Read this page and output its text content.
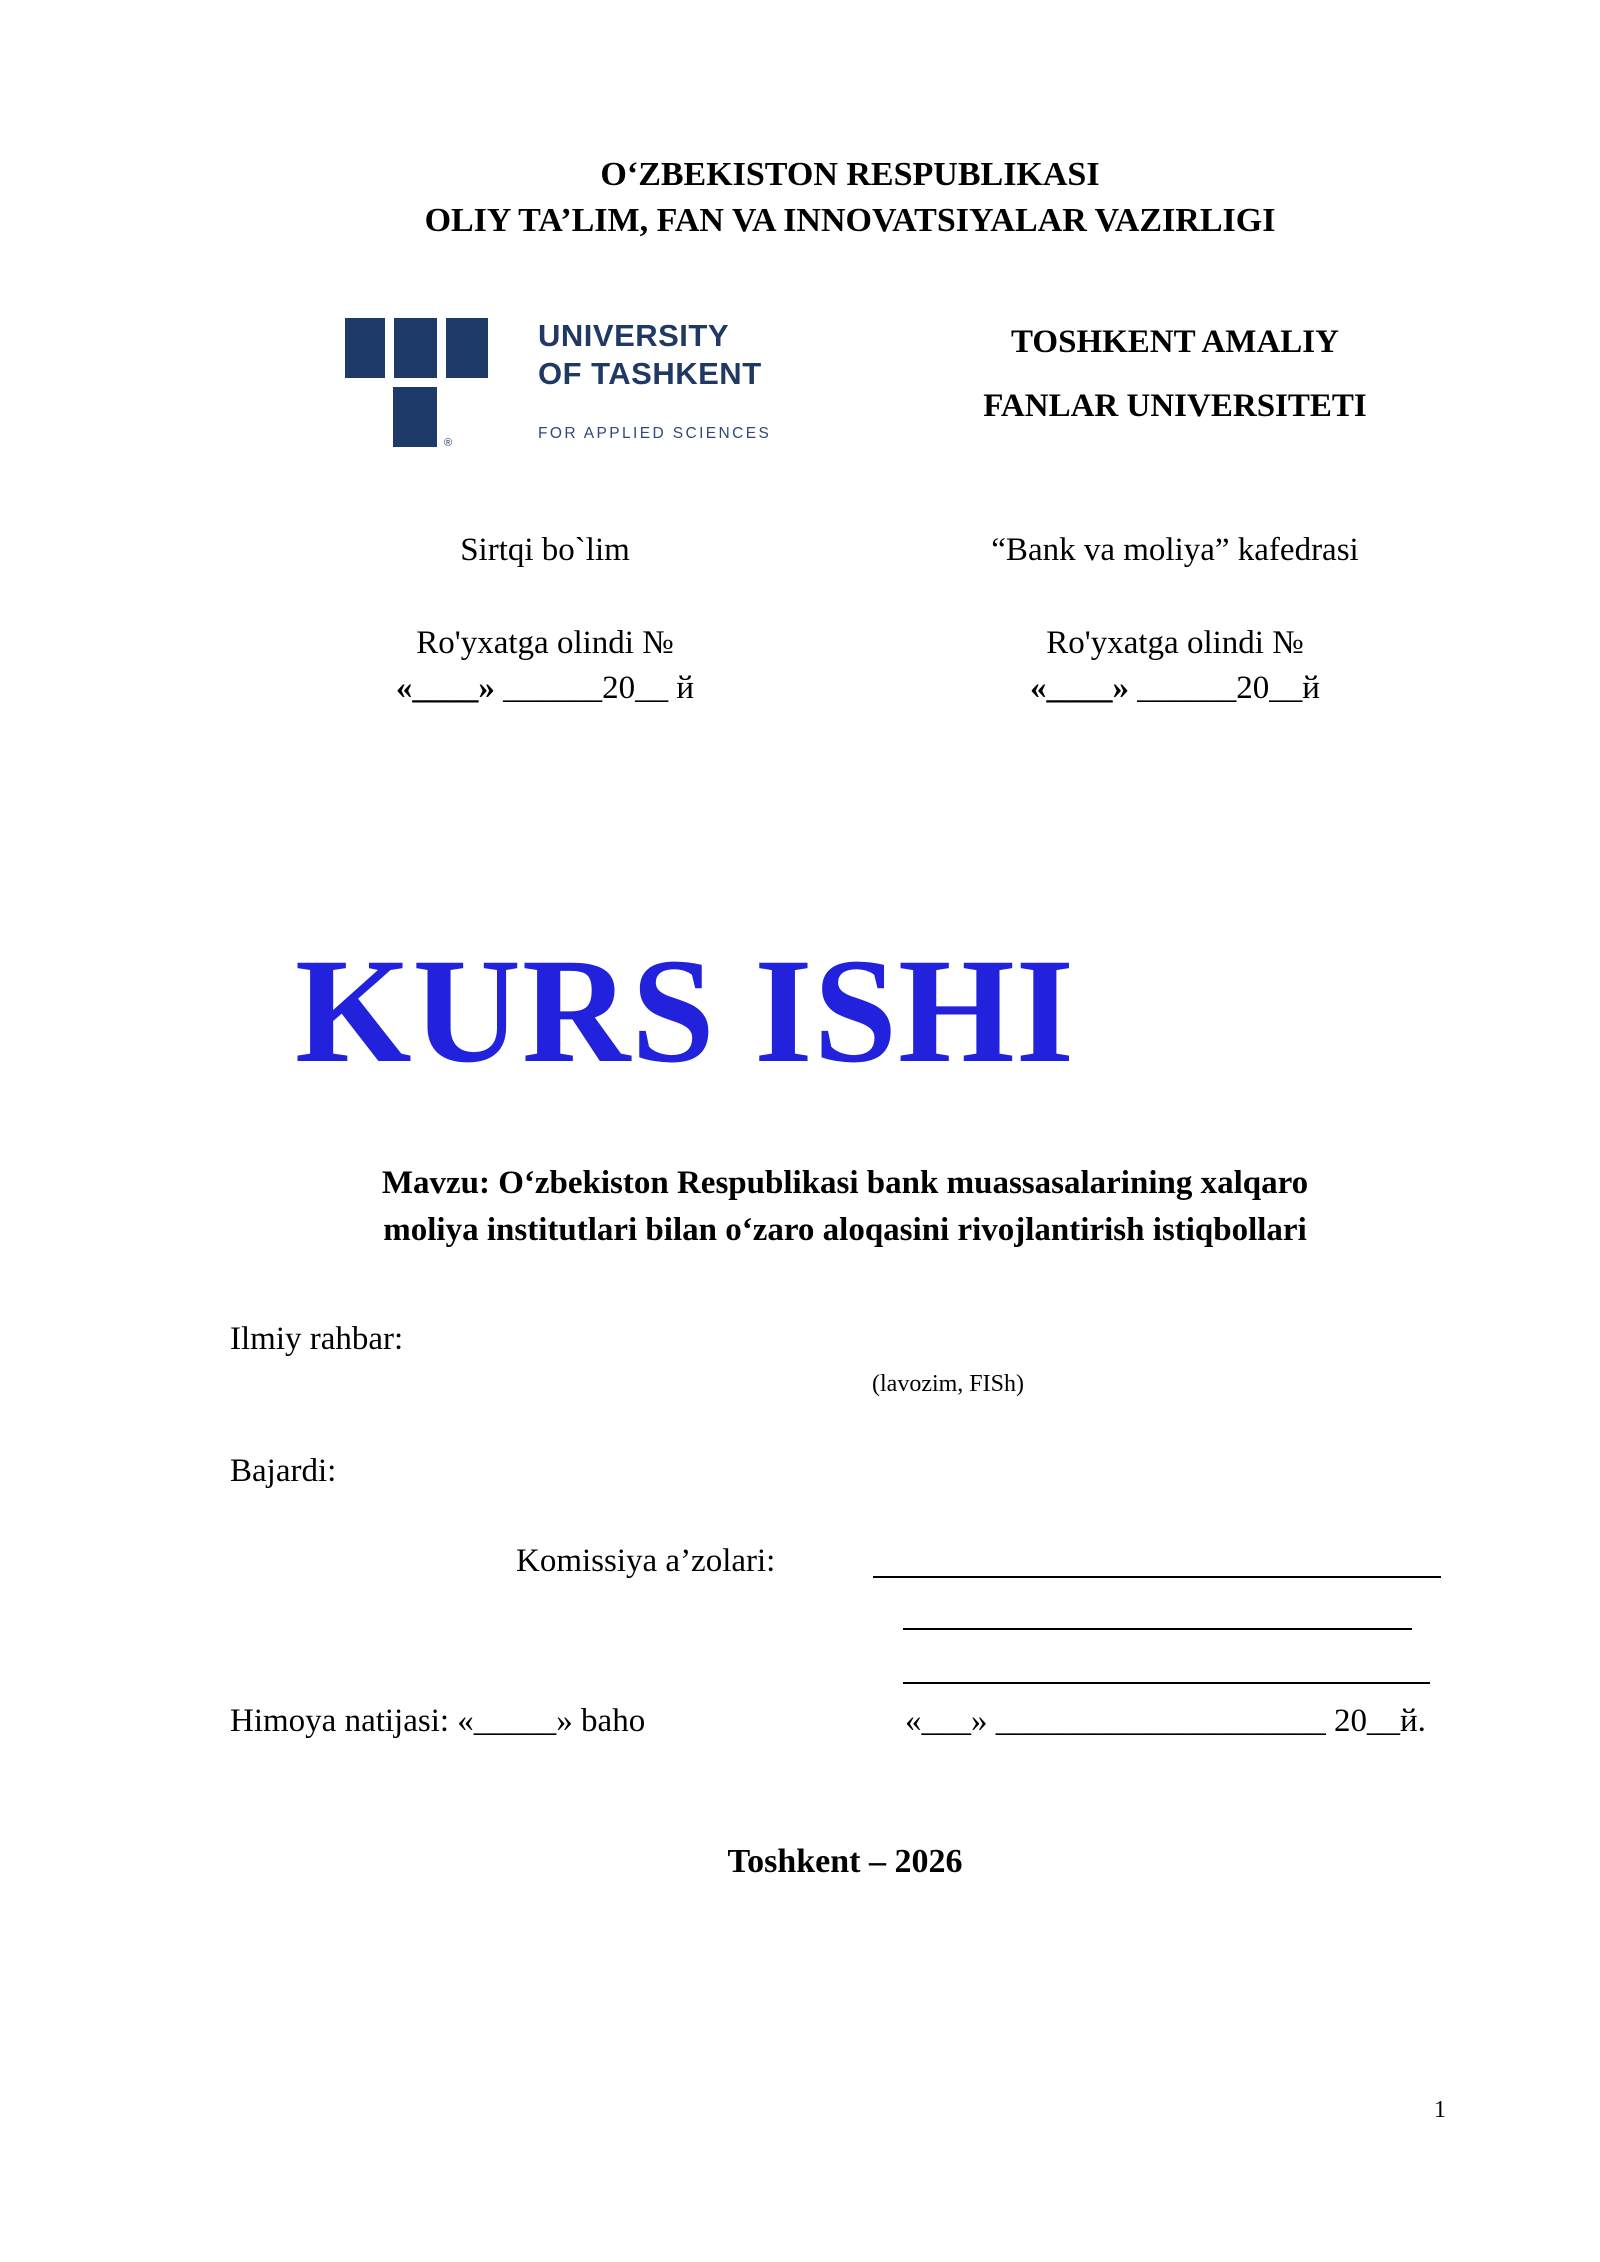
O‘ZBEKISTON RESPUBLIKASI
OLIY TA’LIM, FAN VA INNOVATSIYALAR VAZIRLIGI
®
UNIVERSITY
OF TASHKENT
FOR APPLIED SCIENCES
TOSHKENT AMALIY
FANLAR UNIVERSITETI
Sirtqi bo`lim
Ro'yxatga olindi №
«____» ______20__ й
“Bank va moliya” kafedrasi
Ro'yxatga olindi №
«____» ______20__й
KURS ISHI
Mavzu: O‘zbekiston Respublikasi bank muassasalarining xalqaro
moliya institutlari bilan o‘zaro aloqasini rivojlantirish istiqbollari
Ilmiy rahbar:
(lavozim, FISh)
Bajardi:
Komissiya a’zolari:
Himoya natijasi: «_____» baho	«___» ____________________ 20__й.
Toshkent – 2026
1
